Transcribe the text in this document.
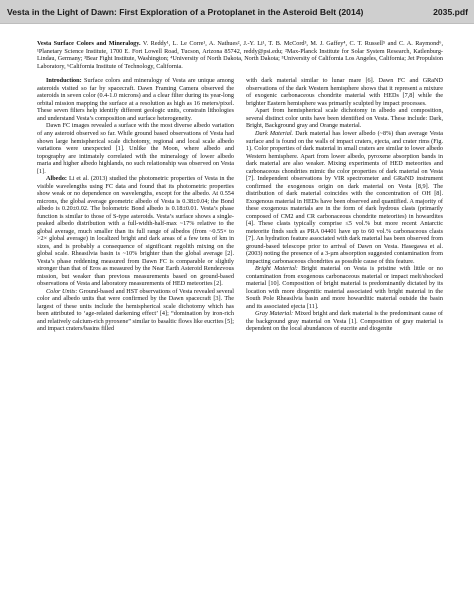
Vesta in the Light of Dawn: First Exploration of a Protoplanet in the Asteroid Belt (2014)	2035.pdf
Vesta Surface Colors and Mineralogy. V. Reddy¹, L. Le Corre¹, A. Nathues², J.-Y. Li¹, T. B. McCord³, M. J. Gaffey⁴, C. T. Russell⁵ and C. A. Raymond⁶, ¹Planetary Science Institute, 1700 E. Fort Lowell Road, Tucson, Arizona 85742, reddy@psi.edu; ²Max-Planck Institute for Solar System Research, Katlenburg-Lindau, Germany; ³Bear Fight Institute, Washington; ⁴University of North Dakota, North Dakota; ⁵University of California Los Angeles, California; Jet Propulsion Laboratory, ⁶California Institute of Technology, California.

Introduction: Surface colors and mineralogy of Vesta are unique among asteroids visited so far by spacecraft. Dawn Framing Camera observed the asteroids in seven color (0.4-1.0 microns) and a clear filter during its year-long orbital mission mapping the surface at a resolution as high as 16 meters/pixel. These seven filters help identify different geologic units, constrain lithologies and understand Vesta’s composition and surface heterogeneity.

Dawn FC images revealed a surface with the most diverse albedo variation of any asteroid observed so far. While ground based observations of Vesta had shown large hemispherical scale dichotomy, regional and local scale albedo variations were unexpected [1]. Unlike the Moon, where albedo and topography are intimately correlated with the mineralogy of lower albedo maria and higher albedo highlands, no such relationship was observed on Vesta [1].

Albedo: Li et al. (2013) studied the photometric properties of Vesta in the visible wavelengths using FC data and found that its photometric properties show weak or no dependence on wavelengths, except for the albedo. At 0.554 microns, the global average geometric albedo of Vesta is 0.38±0.04; the Bond albedo is 0.20±0.02. The bolometric Bond albedo is 0.18±0.01. Vesta’s phase function is similar to those of S-type asteroids. Vesta’s surface shows a single-peaked albedo distribution with a full-width-half-max ~17% relative to the global average, much smaller than its full range of albedos (from ~0.55× to >2× global average) in localized bright and dark areas of a few tens of km in sizes, and is probably a consequence of significant regolith mixing on the global scale. Rheasilvia basin is ~10% brighter than the global average [2]. Vesta’s phase reddening measured from Dawn FC is comparable or slightly stronger than that of Eros as measured by the Near Earth Asteroid Rendezvous mission, but weaker than previous measurements based on ground-based observations of Vesta and laboratory measurements of HED meteorites [2].

Color Units: Ground-based and HST observations of Vesta revealed several color and albedo units that were confirmed by the Dawn spacecraft [3]. The largest of these units include the hemispherical scale dichotomy which has been attributed to ‘age-related darkening effect’ [4]; “domination by iron-rich and relatively calcium-rich pyroxene” similar to basaltic flows like eucrites [5]; and impact craters/basins filled

with dark material similar to lunar mare [6]. Dawn FC and GRaND observations of the dark Western hemisphere shows that it represent a mixture of exogenic carbonaceous chondrite material with HEDs [7,8] while the brighter Eastern hemisphere was primarily sculpted by impact processes.

Apart from hemispherical scale dichotomy in albedo and composition, several distinct color units have been identified on Vesta. These include: Dark, Bright, Background gray and Orange material.

Dark Material. Dark material has lower albedo (~8%) than average Vesta surface and is found on the walls of impact craters, ejecta, and crater rims (Fig. 1). Color properties of dark material in small craters are similar to lower albedo Western hemisphere. Apart from lower albedo, pyroxene absorption bands in dark material are also weaker. Mixing experiments of HED meteorites and carbonaceous chondrites mimic the color properties of dark material on Vesta [7]. Independent observations by VIR spectrometer and GRaND instrument confirmed the exogenous origin on dark material on Vesta [8,9]. The distribution of dark material coincides with the concentration of OH [8]. Exogenous material in HEDs have been observed and quantified. A majority of these exogenous materials are in the form of dark hydrous clasts (primarily composed of CM2 and CR carbonaceous chondrite meteorites) in howardites [4]. These clasts typically comprise ≤5 vol.% but more recent Antarctic meteorite finds such as PRA 04401 have up to 60 vol.% carbonaceous clasts [7]. An hydration feature associated with dark material has been observed from ground-based telescope prior to arrival of Dawn on Vesta. Hasegawa et al. (2003) noting the presence of a 3-µm absorption suggested contamination from impacting carbonaceous chondrites as possible cause of this feature.

Bright Material: Bright material on Vesta is pristine with little or no contamination from exogenous carbonaceous material or impact melt/shocked material [10]. Composition of bright material is predominantly dictated by its location with more diogenitic material associated with bright material in the South Pole Rheasilvia basin and more howarditic material outside the basin and its associated ejecta [11].

Gray Material: Mixed bright and dark material is the predominant cause of the background gray material on Vesta [1]. Composition of gray material is dependent on the local abundances of eucrite and diogenite
